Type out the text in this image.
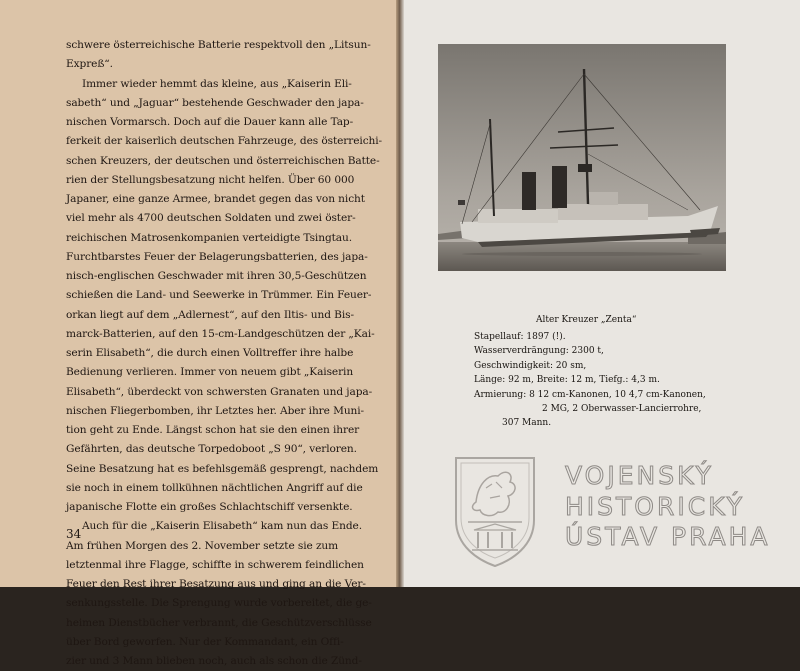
schwere österreichische Batterie respektvoll den „Litsun-
Expreß“.
Immer wieder hemmt das kleine, aus „Kaiserin Eli-
sabeth“ und „Jaguar“ bestehende Geschwader den japa-
nischen Vormarsch. Doch auf die Dauer kann alle Tap-
ferkeit der kaiserlich deutschen Fahrzeuge, des österreichi-
schen Kreuzers, der deutschen und österreichischen Batte-
rien der Stellungsbesatzung nicht helfen. Über 60 000
Japaner, eine ganze Armee, brandet gegen das von nicht
viel mehr als 4700 deutschen Soldaten und zwei öster-
reichischen Matrosenkompanien verteidigte Tsingtau.
Furchtbarstes Feuer der Belagerungsbatterien, des japa-
nisch-englischen Geschwader mit ihren 30,5-Geschützen
schießen die Land- und Seewerke in Trümmer. Ein Feuer-
orkan liegt auf dem „Adlernest“, auf den Iltis- und Bis-
marck-Batterien, auf den 15-cm-Landgeschützen der „Kai-
serin Elisabeth“, die durch einen Volltreffer ihre halbe
Bedienung verlieren. Immer von neuem gibt „Kaiserin
Elisabeth“, überdeckt von schwersten Granaten und japa-
nischen Fliegerbomben, ihr Letztes her. Aber ihre Muni-
tion geht zu Ende. Längst schon hat sie den einen ihrer
Gefährten, das deutsche Torpedoboot „S 90“, verloren.
Seine Besatzung hat es befehlsgemäß gesprengt, nachdem
sie noch in einem tollkühnen nächtlichen Angriff auf die
japanische Flotte ein großes Schlachtschiff versenkte.
Auch für die „Kaiserin Elisabeth“ kam nun das Ende.
Am frühen Morgen des 2. November setzte sie zum
letztenmal ihre Flagge, schiffte in schwerem feindlichen
Feuer den Rest ihrer Besatzung aus und ging an die Ver-
senkungsstelle. Die Sprengung wurde vorbereitet, die ge-
heimen Dienstbücher verbrannt, die Geschützverschlüsse
über Bord geworfen. Nur der Kommandant, ein Offi-
zier und 3 Mann blieben noch, auch als schon die Zünd-
34
Alter Kreuzer „Zenta“
Stapellauf: 1897 (!).
Wasserverdrängung: 2300 t,
Geschwindigkeit: 20 sm,
Länge: 92 m, Breite: 12 m, Tiefg.: 4,3 m.
Armierung: 8 12 cm-Kanonen, 10 4,7 cm-Kanonen,
2 MG, 2 Oberwasser-Lancierrohre,
307 Mann.
VOJENSKÝ
HISTORICKÝ
ÚSTAV PRAHA
